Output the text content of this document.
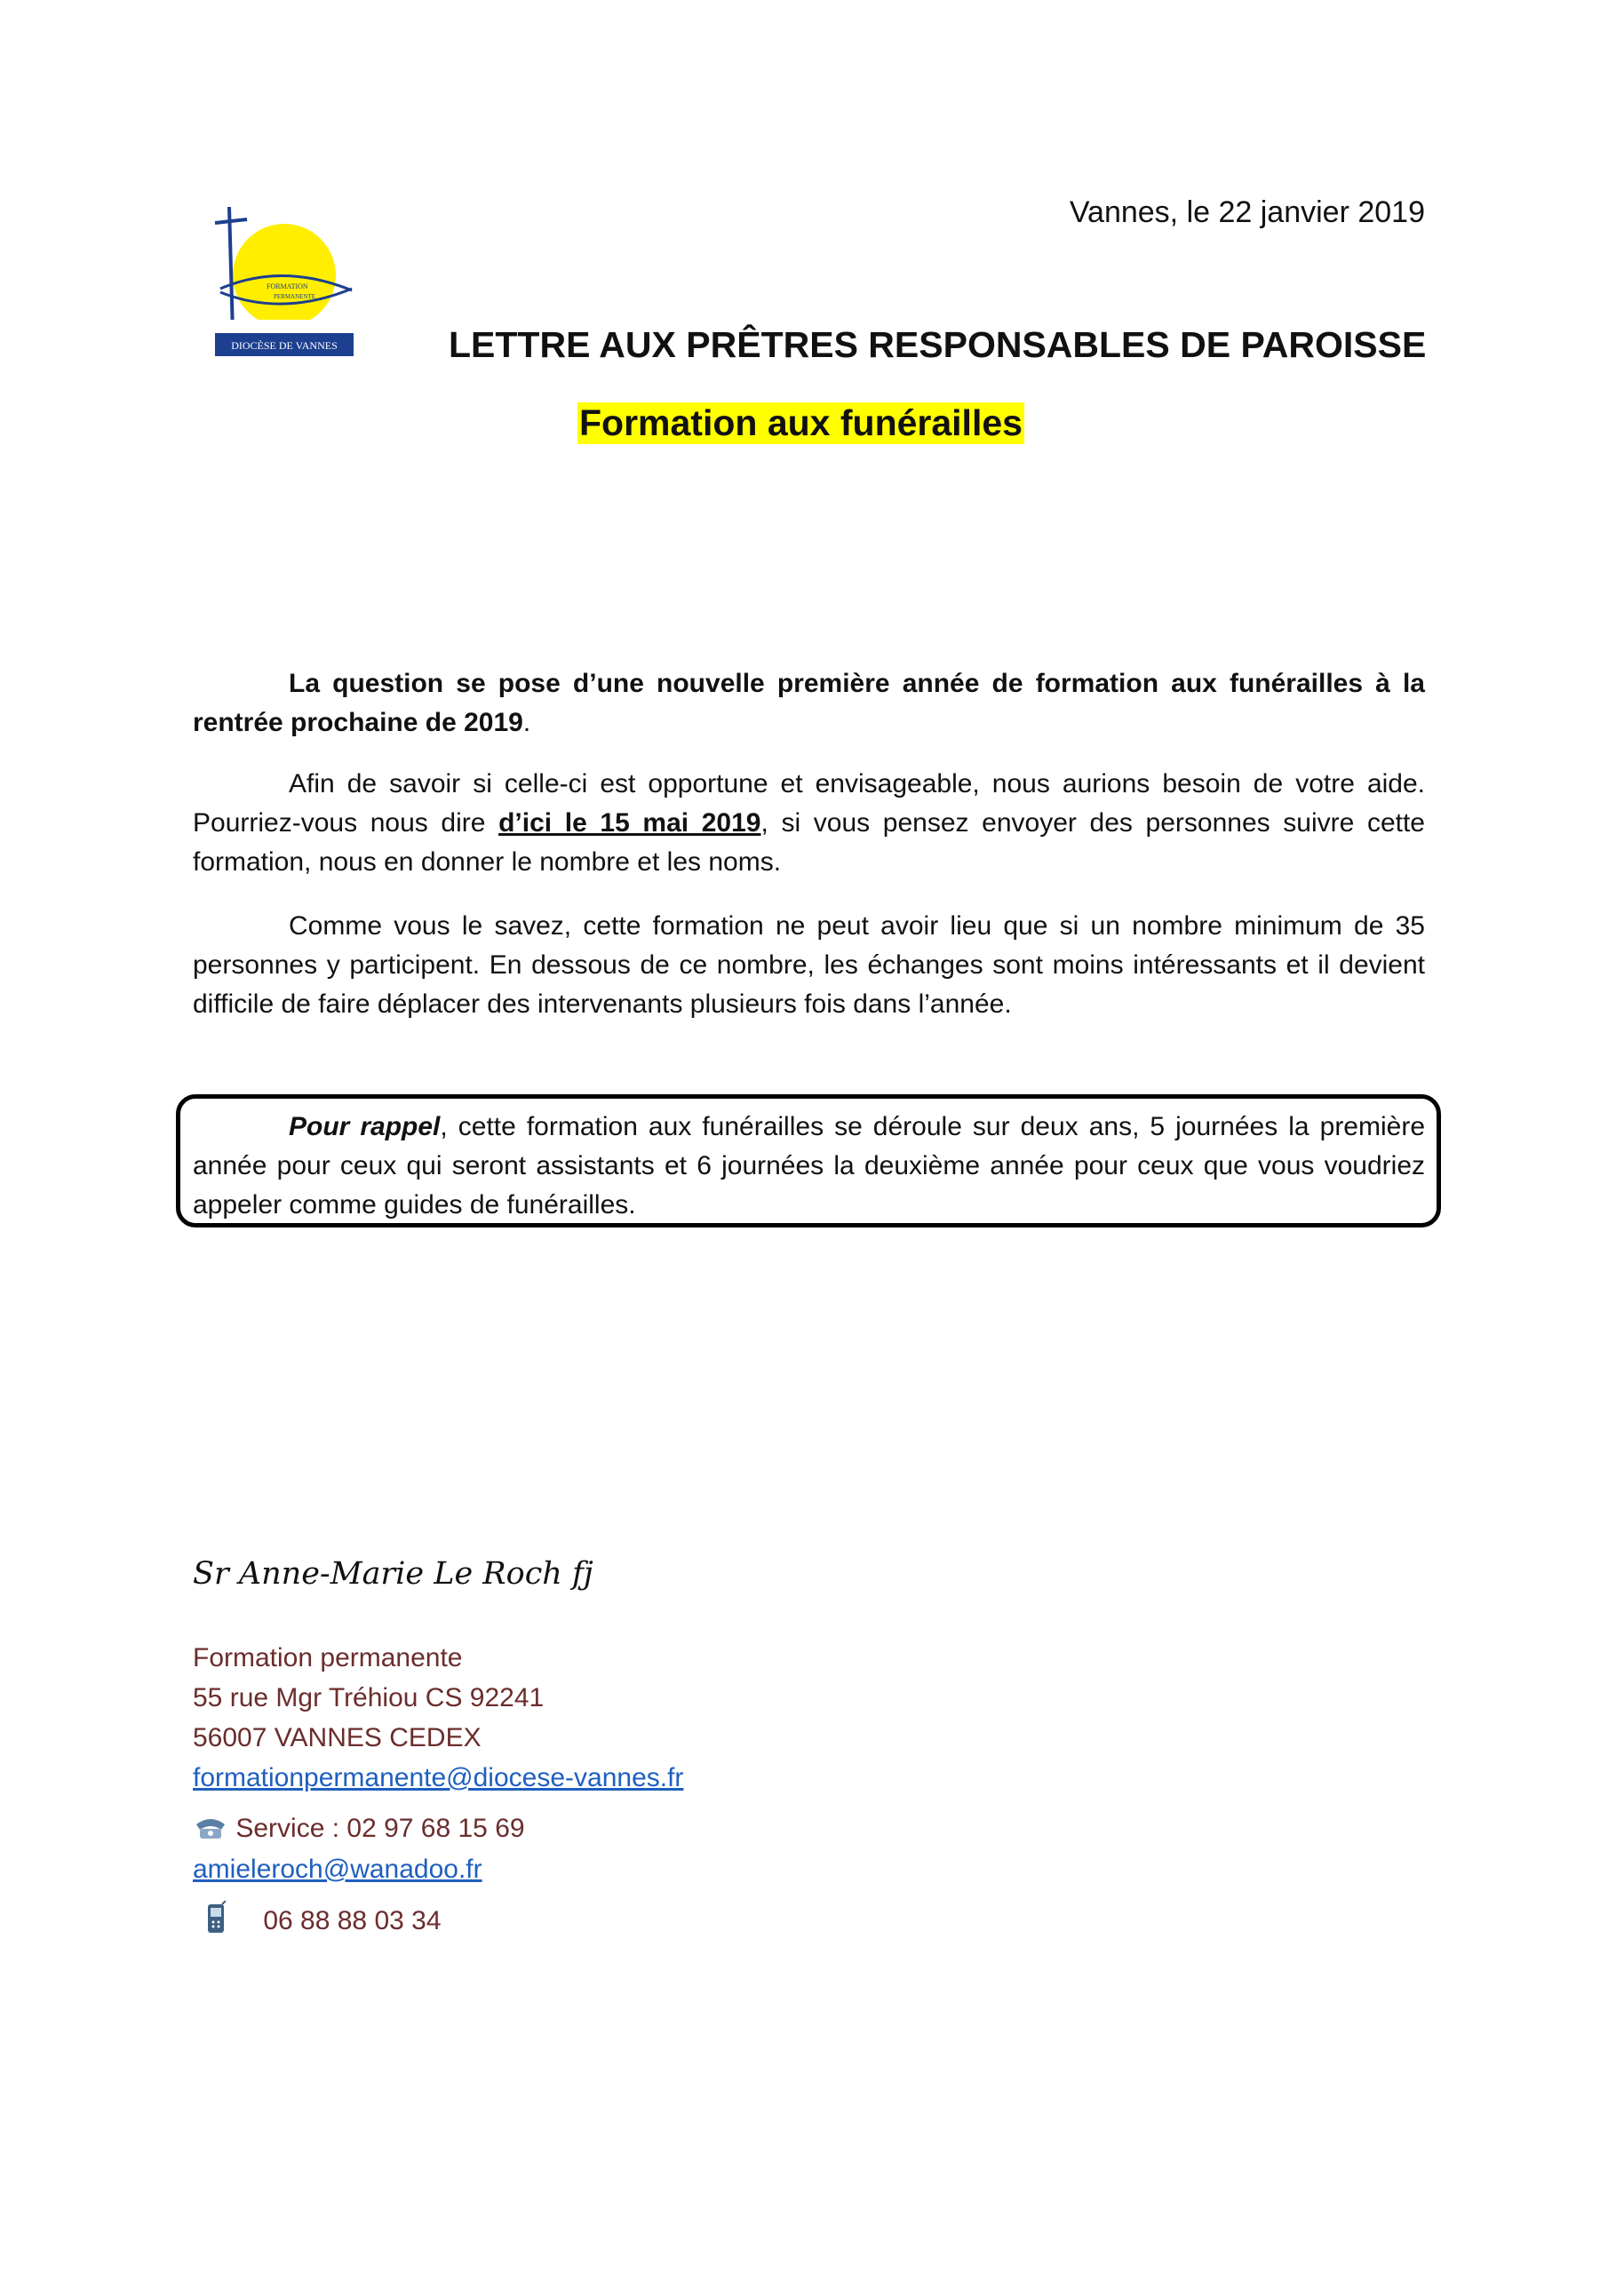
FORMATION
PERMANENTE
DIOCÈSE DE VANNES
Vannes, le 22 janvier 2019
LETTRE AUX PRÊTRES RESPONSABLES DE PAROISSE
Formation aux funérailles
La question se pose d’une nouvelle première année de formation aux funérailles à la rentrée prochaine de 2019.
Afin de savoir si celle-ci est opportune et envisageable, nous aurions besoin de votre aide. Pourriez-vous nous dire d’ici le 15 mai 2019, si vous pensez envoyer des personnes suivre cette formation, nous en donner le nombre et les noms.
Comme vous le savez, cette formation ne peut avoir lieu que si un nombre minimum de 35 personnes y participent. En dessous de ce nombre, les échanges sont moins intéressants et il devient difficile de faire déplacer des intervenants plusieurs fois dans l’année.
Pour rappel, cette formation aux funérailles se déroule sur deux ans, 5 journées la première année pour ceux qui seront assistants et 6 journées la deuxième année pour ceux que vous voudriez appeler comme guides de funérailles.
Sr Anne-Marie Le Roch fj
Formation permanente
55 rue Mgr Tréhiou CS 92241
56007 VANNES CEDEX
formationpermanente@diocese-vannes.fr
Service : 02 97 68 15 69
amieleroch@wanadoo.fr
06 88 88 03 34
